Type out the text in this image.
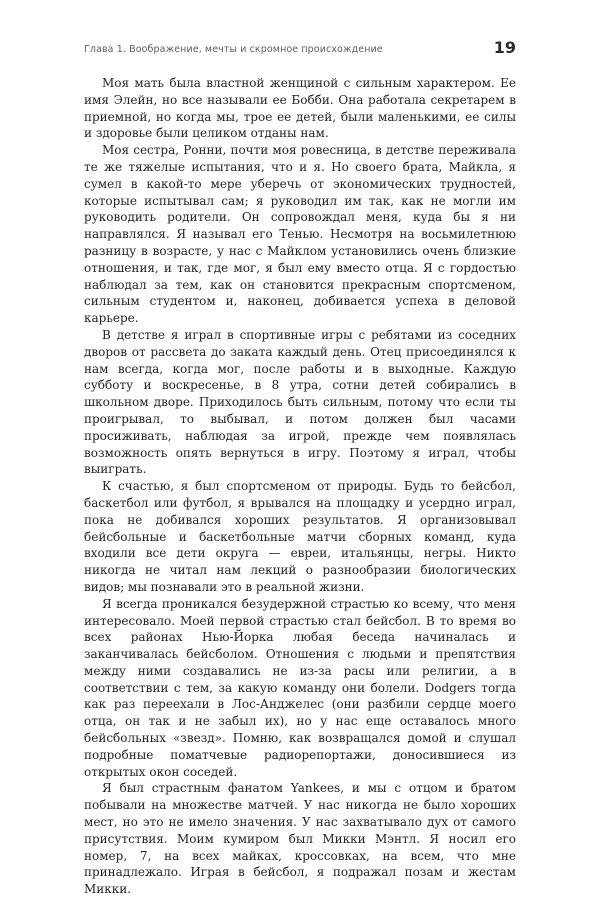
Глава 1. Воображение, мечты и скромное происхождение	19

Моя мать была властной женщиной с сильным характером. Ее имя Элейн, но все называли ее Бобби. Она работала секретарем в приемной, но когда мы, трое ее детей, были маленькими, ее силы и здоровье были целиком отданы нам.

Моя сестра, Ронни, почти моя ровесница, в детстве переживала те же тяжелые испытания, что и я. Но своего брата, Майкла, я сумел в какой-то мере уберечь от экономических трудностей, которые испытывал сам; я руководил им так, как не могли им руководить родители. Он сопровождал меня, куда бы я ни направлялся. Я называл его Тенью. Несмотря на восьмилетнюю разницу в возрасте, у нас с Майклом установились очень близкие отношения, и так, где мог, я был ему вместо отца. Я с гордостью наблюдал за тем, как он становится прекрасным спортсменом, сильным студентом и, наконец, добивается успеха в деловой карьере.

В детстве я играл в спортивные игры с ребятами из соседних дворов от рассвета до заката каждый день. Отец присоединялся к нам всегда, когда мог, после работы и в выходные. Каждую субботу и воскресенье, в 8 утра, сотни детей собирались в школьном дворе. Приходилось быть сильным, потому что если ты проигрывал, то выбывал, и потом должен был часами просиживать, наблюдая за игрой, прежде чем появлялась возможность опять вернуться в игру. Поэтому я играл, чтобы выиграть.

К счастью, я был спортсменом от природы. Будь то бейсбол, баскетбол или футбол, я врывался на площадку и усердно играл, пока не добивался хороших результатов. Я организовывал бейсбольные и баскетбольные матчи сборных команд, куда входили все дети округа — евреи, итальянцы, негры. Никто никогда не читал нам лекций о разнообразии биологических видов; мы познавали это в реальной жизни.

Я всегда проникался безудержной страстью ко всему, что меня интересовало. Моей первой страстью стал бейсбол. В то время во всех районах Нью-Йорка любая беседа начиналась и заканчивалась бейсболом. Отношения с людьми и препятствия между ними создавались не из-за расы или религии, а в соответствии с тем, за какую команду они болели. Dodgers тогда как раз переехали в Лос-Анджелес (они разбили сердце моего отца, он так и не забыл их), но у нас еще оставалось много бейсбольных «звезд». Помню, как возвращался домой и слушал подробные поматчевые радиорепортажи, доносившиеся из открытых окон соседей.

Я был страстным фанатом Yankees, и мы с отцом и братом побывали на множестве матчей. У нас никогда не было хороших мест, но это не имело значения. У нас захватывало дух от самого присутствия. Моим кумиром был Микки Мэнтл. Я носил его номер, 7, на всех майках, кроссовках, на всем, что мне принадлежало. Играя в бейсбол, я подражал позам и жестам Микки.
